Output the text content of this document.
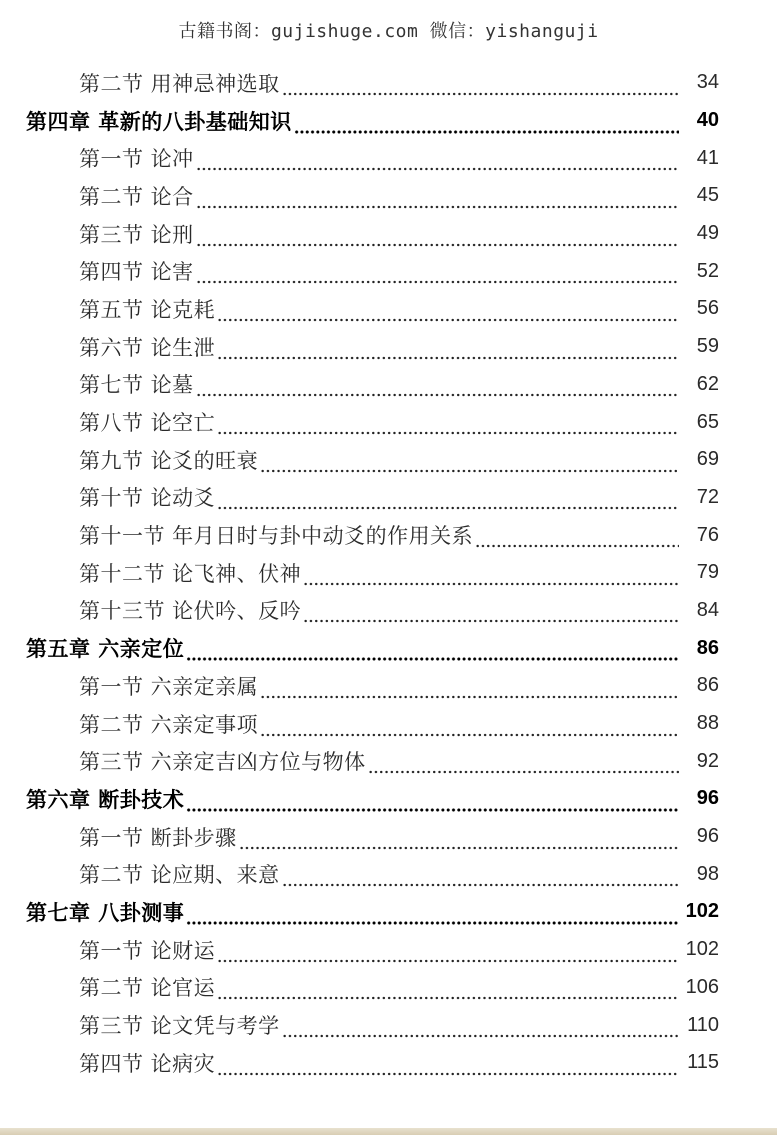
古籍书阁：gujishuge.com 微信：yishanguji
第二节 用神忌神选取	34
第四章 革新的八卦基础知识	40
第一节 论冲	41
第二节 论合	45
第三节 论刑	49
第四节 论害	52
第五节 论克耗	56
第六节 论生泄	59
第七节 论墓	62
第八节 论空亡	65
第九节 论爻的旺衰	69
第十节 论动爻	72
第十一节 年月日时与卦中动爻的作用关系	76
第十二节 论飞神、伏神	79
第十三节 论伏吟、反吟	84
第五章 六亲定位	86
第一节 六亲定亲属	86
第二节 六亲定事项	88
第三节 六亲定吉凶方位与物体	92
第六章 断卦技术	96
第一节 断卦步骤	96
第二节 论应期、来意	98
第七章 八卦测事	102
第一节 论财运	102
第二节 论官运	106
第三节 论文凭与考学	110
第四节 论病灾	115
